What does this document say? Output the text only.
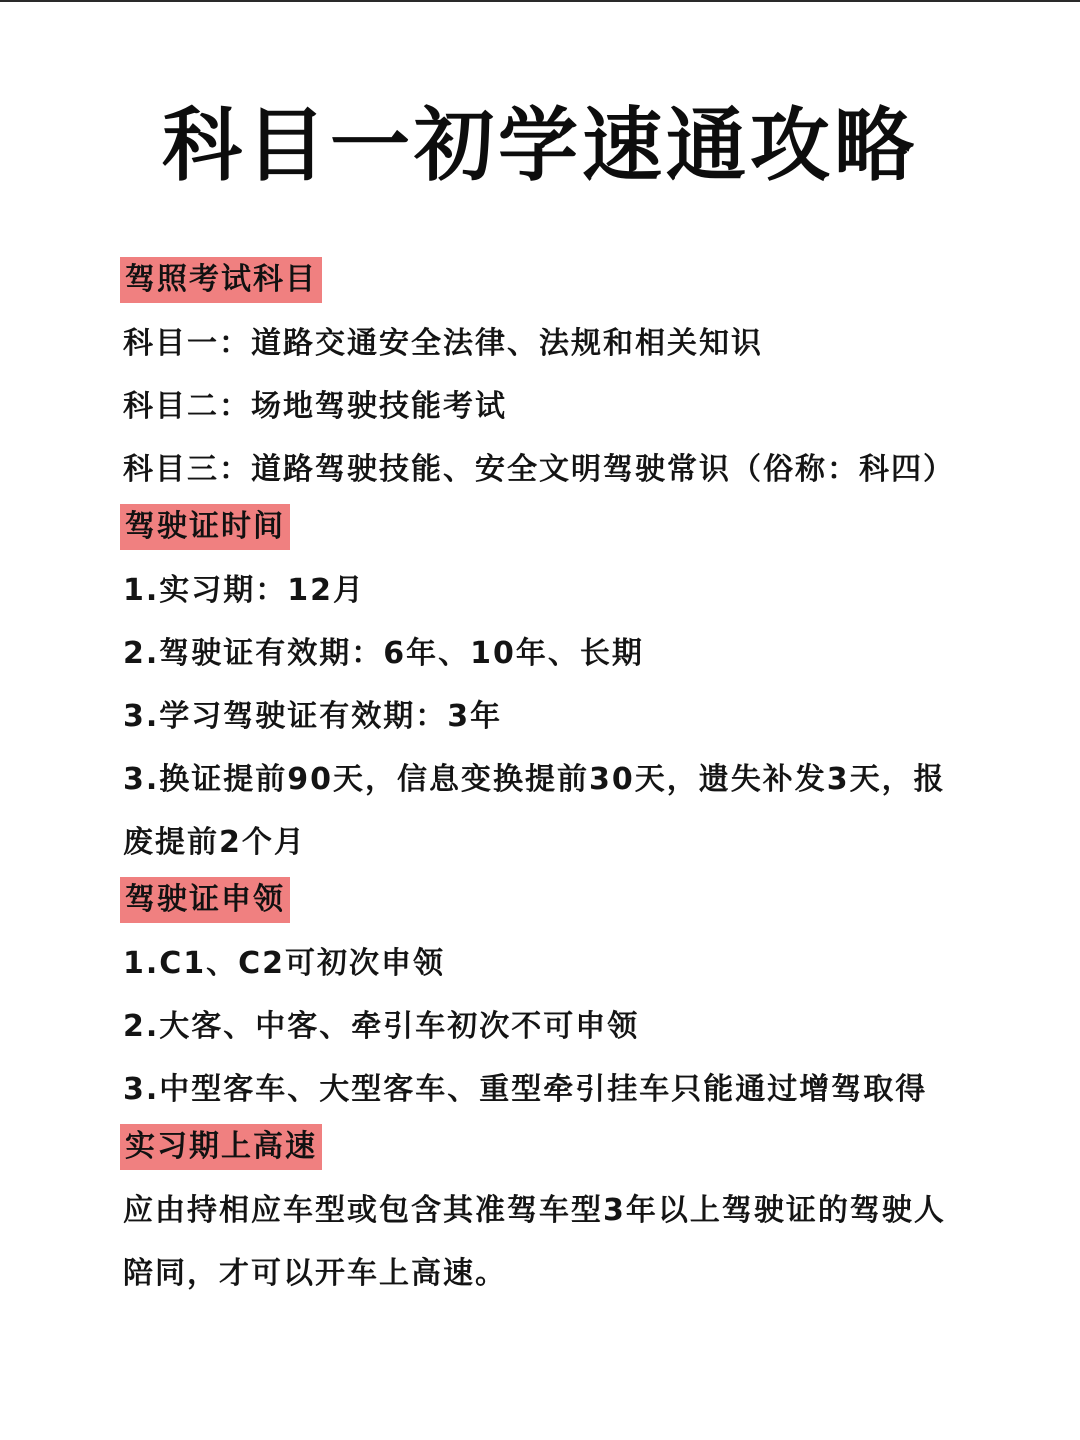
科目一初学速通攻略
驾照考试科目
科目一：道路交通安全法律、法规和相关知识
科目二：场地驾驶技能考试
科目三：道路驾驶技能、安全文明驾驶常识（俗称：科四）
驾驶证时间
1.实习期：12月
2.驾驶证有效期：6年、10年、长期
3.学习驾驶证有效期：3年
3.换证提前90天，信息变换提前30天，遗失补发3天，报废提前2个月
驾驶证申领
1.C1、C2可初次申领
2.大客、中客、牵引车初次不可申领
3.中型客车、大型客车、重型牵引挂车只能通过增驾取得
实习期上高速
应由持相应车型或包含其准驾车型3年以上驾驶证的驾驶人陪同，才可以开车上高速。
